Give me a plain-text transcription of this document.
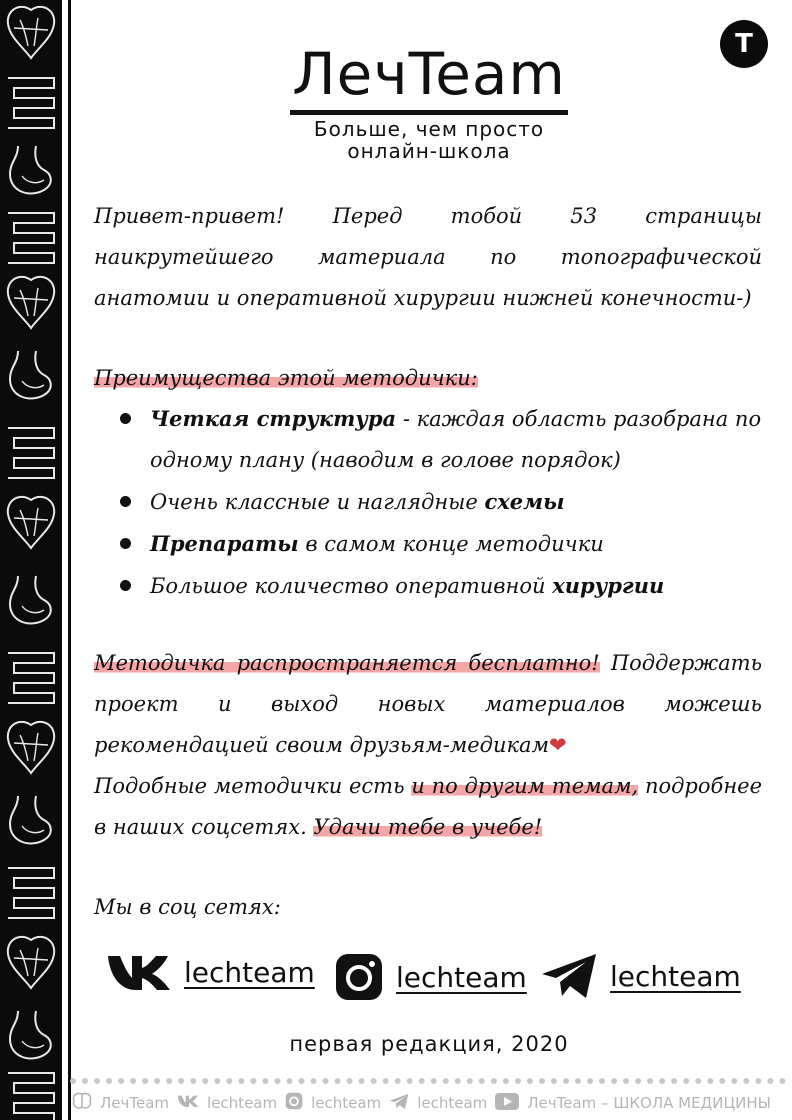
T
ЛечTeam
Больше, чем просто
онлайн-школа
Привет-привет! Перед тобой 53 страницы наикрутейшего материала по топографической анатомии и оперативной хирургии нижней конечности-)
Преимущества этой методички:
Четкая структура - каждая область разобрана по одному плану (наводим в голове порядок)
Очень классные и наглядные схемы
Препараты в самом конце методички
Большое количество оперативной хирургии
Методичка распространяется бесплатно! Поддержать проект и выход новых материалов можешь рекомендацией своим друзьям-медикам❤
Подобные методички есть и по другим темам, подробнее в наших соцсетях. Удачи тебе в учебе!
Мы в соц сетях:
lechteam	lechteam	lechteam
первая редакция, 2020
ЛечTeam	lechteam lechteam lechteam	ЛечTeam – ШКОЛА МЕДИЦИНЫ
